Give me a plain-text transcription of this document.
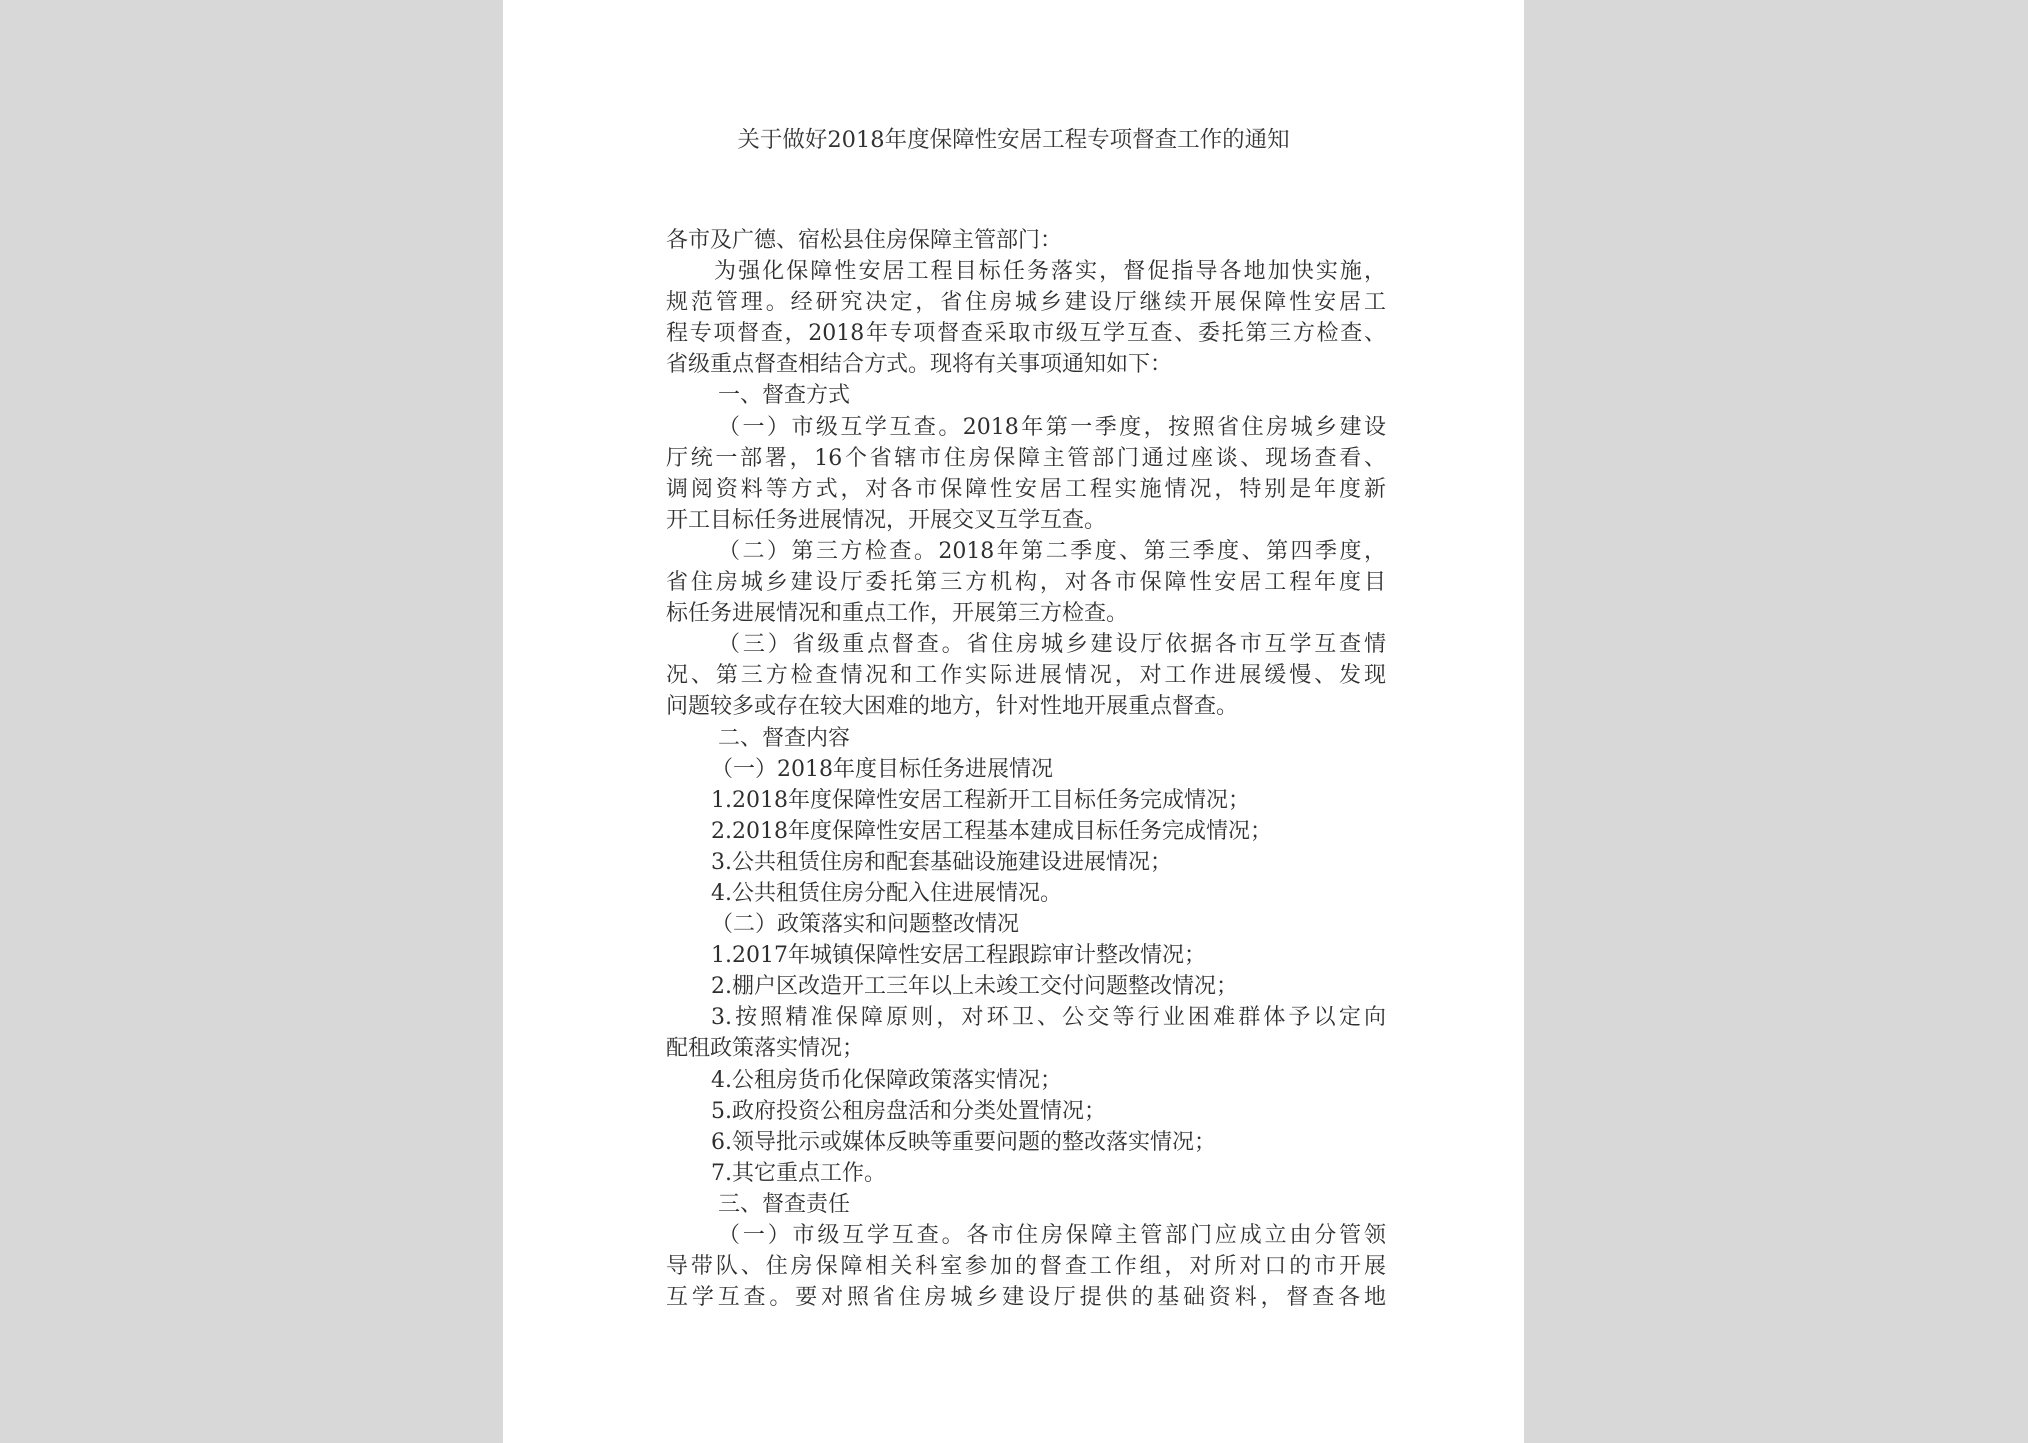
关于做好2018年度保障性安居工程专项督查工作的通知
各市及广德、宿松县住房保障主管部门：
为强化保障性安居工程目标任务落实，督促指导各地加快实施，
规范管理。经研究决定，省住房城乡建设厅继续开展保障性安居工
程专项督查，2018年专项督查采取市级互学互查、委托第三方检查、
省级重点督查相结合方式。现将有关事项通知如下：
一、督查方式
（一）市级互学互查。2018年第一季度，按照省住房城乡建设
厅统一部署，16个省辖市住房保障主管部门通过座谈、现场查看、
调阅资料等方式，对各市保障性安居工程实施情况，特别是年度新
开工目标任务进展情况，开展交叉互学互查。
（二）第三方检查。2018年第二季度、第三季度、第四季度，
省住房城乡建设厅委托第三方机构，对各市保障性安居工程年度目
标任务进展情况和重点工作，开展第三方检查。
（三）省级重点督查。省住房城乡建设厅依据各市互学互查情
况、第三方检查情况和工作实际进展情况，对工作进展缓慢、发现
问题较多或存在较大困难的地方，针对性地开展重点督查。
二、督查内容
（一）2018年度目标任务进展情况
1.2018年度保障性安居工程新开工目标任务完成情况；
2.2018年度保障性安居工程基本建成目标任务完成情况；
3.公共租赁住房和配套基础设施建设进展情况；
4.公共租赁住房分配入住进展情况。
（二）政策落实和问题整改情况
1.2017年城镇保障性安居工程跟踪审计整改情况；
2.棚户区改造开工三年以上未竣工交付问题整改情况；
3.按照精准保障原则，对环卫、公交等行业困难群体予以定向
配租政策落实情况；
4.公租房货币化保障政策落实情况；
5.政府投资公租房盘活和分类处置情况；
6.领导批示或媒体反映等重要问题的整改落实情况；
7.其它重点工作。
三、督查责任
（一）市级互学互查。各市住房保障主管部门应成立由分管领
导带队、住房保障相关科室参加的督查工作组，对所对口的市开展
互学互查。要对照省住房城乡建设厅提供的基础资料，督查各地
